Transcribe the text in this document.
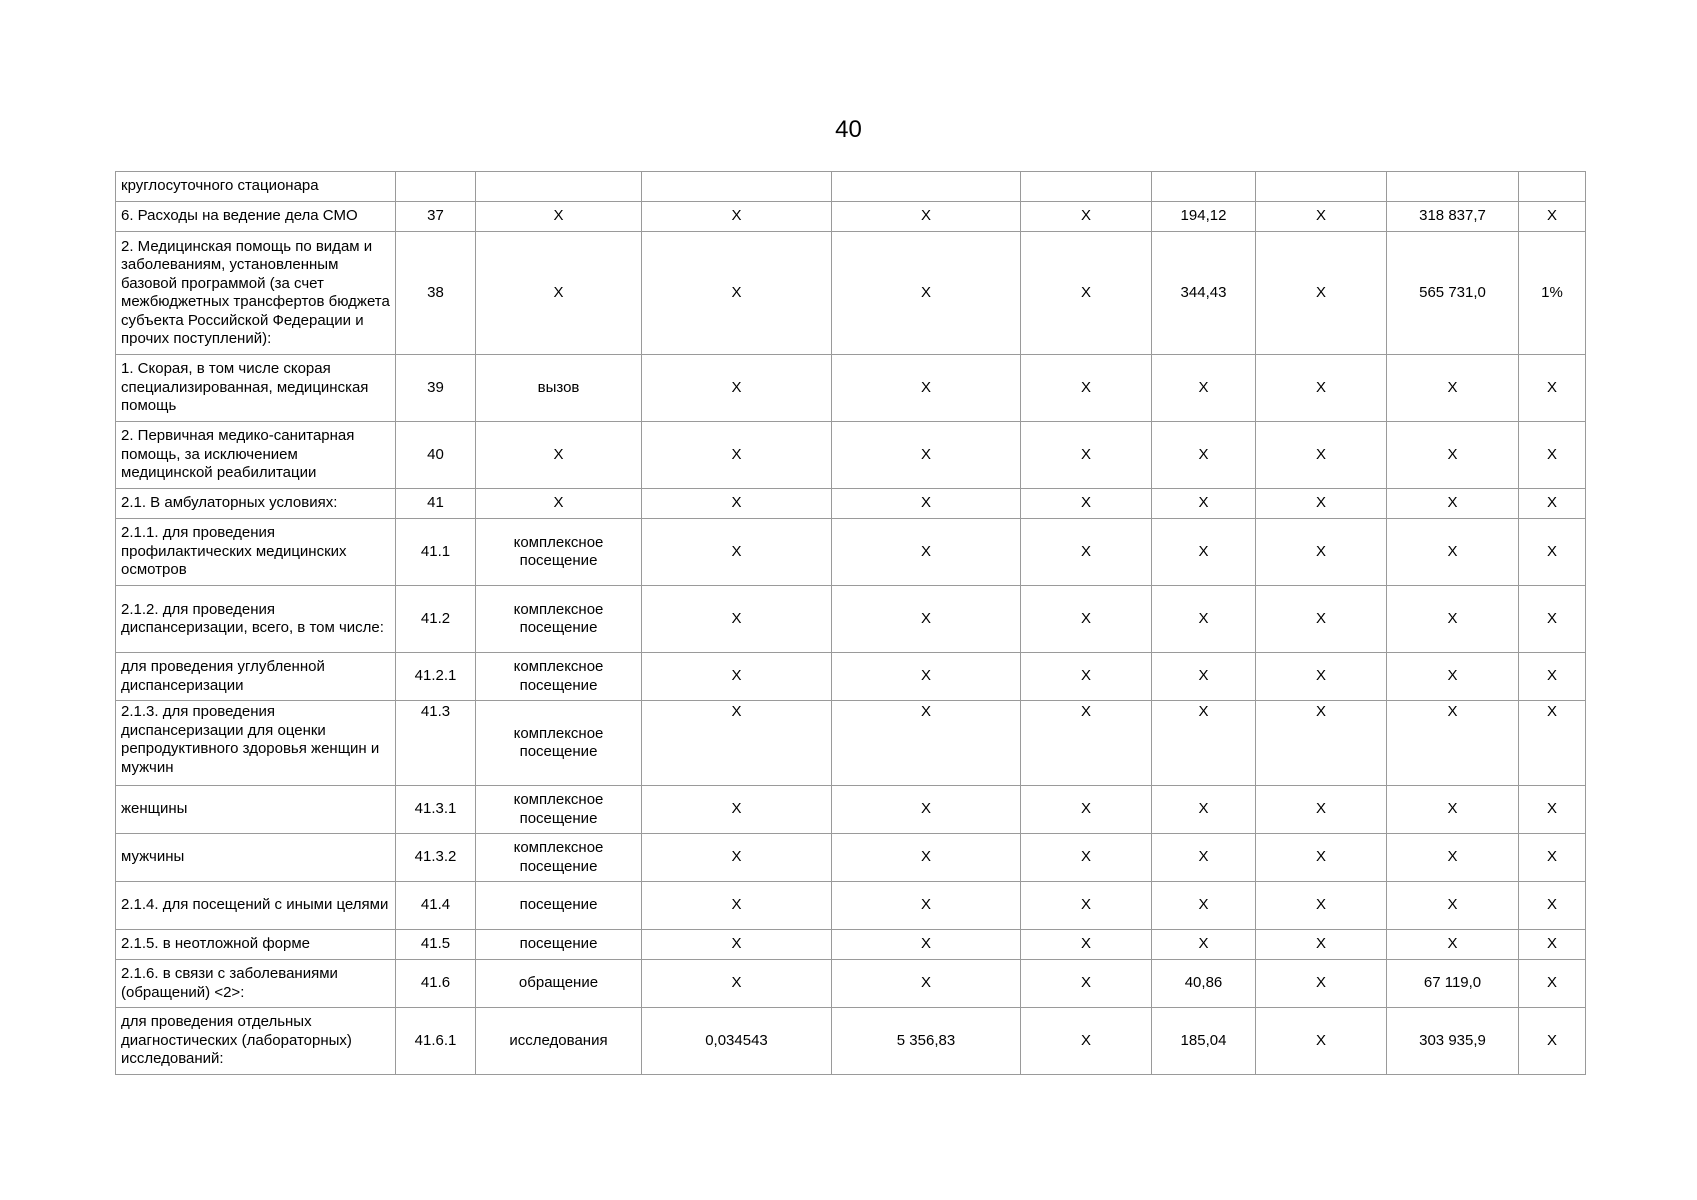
40
круглосуточного стационара									
6. Расходы на ведение дела СМО	37	X	X	X	X	194,12	X	318 837,7	X
2. Медицинская помощь по видам и заболеваниям, установленным базовой программой (за счет межбюджетных трансфертов бюджета субъекта Российской Федерации и прочих поступлений):	38	X	X	X	X	344,43	X	565 731,0	1%
1. Скорая, в том числе скорая специализированная, медицинская помощь	39	вызов	X	X	X	X	X	X	X
2. Первичная медико-санитарная помощь, за исключением медицинской реабилитации	40	X	X	X	X	X	X	X	X
2.1. В амбулаторных условиях:	41	X	X	X	X	X	X	X	X
2.1.1. для проведения профилактических медицинских осмотров	41.1	комплексное посещение	X	X	X	X	X	X	X
2.1.2. для проведения диспансеризации, всего, в том числе:	41.2	комплексное посещение	X	X	X	X	X	X	X
для проведения углубленной диспансеризации	41.2.1	комплексное посещение	X	X	X	X	X	X	X
2.1.3. для проведения диспансеризации для оценки репродуктивного здоровья женщин и мужчин	41.3	комплексное посещение	X	X	X	X	X	X	X
женщины	41.3.1	комплексное посещение	X	X	X	X	X	X	X
мужчины	41.3.2	комплексное посещение	X	X	X	X	X	X	X
2.1.4. для посещений с иными целями	41.4	посещение	X	X	X	X	X	X	X
2.1.5. в неотложной форме	41.5	посещение	X	X	X	X	X	X	X
2.1.6. в связи с заболеваниями (обращений) <2>:	41.6	обращение	X	X	X	40,86	X	67 119,0	X
для проведения отдельных диагностических (лабораторных) исследований:	41.6.1	исследования	0,034543	5 356,83	X	185,04	X	303 935,9	X
